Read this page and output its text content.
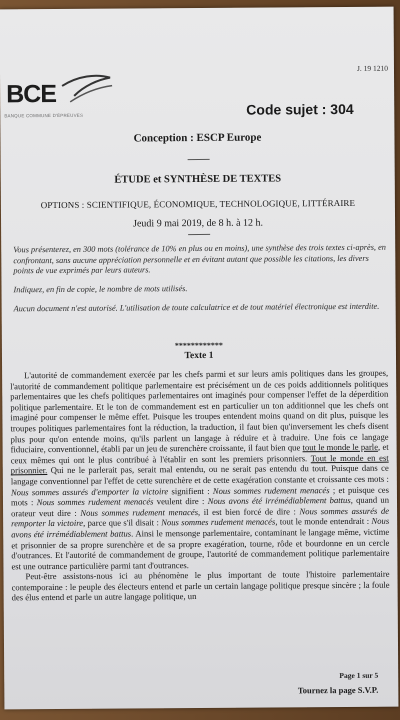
BCE
BANQUE COMMUNE D'ÉPREUVES
J. 19 1210
Code sujet : 304
Conception : ESCP Europe
ÉTUDE et SYNTHÈSE DE TEXTES
OPTIONS : SCIENTIFIQUE, ÉCONOMIQUE, TECHNOLOGIQUE, LITTÉRAIRE
Jeudi 9 mai 2019, de 8 h. à 12 h.
Vous présenterez, en 300 mots (tolérance de 10% en plus ou en moins), une synthèse des trois textes ci-après, en confrontant, sans aucune appréciation personnelle et en évitant autant que possible les citations, les divers points de vue exprimés par leurs auteurs.
Indiquez, en fin de copie, le nombre de mots utilisés.
Aucun document n'est autorisé. L'utilisation de toute calculatrice et de tout matériel électronique est interdite.
************
Texte 1

L'autorité de commandement exercée par les chefs parmi et sur leurs amis politiques dans les groupes, l'autorité de commandement politique parlementaire est précisément un de ces poids additionnels politiques parlementaires que les chefs politiques parlementaires ont imaginés pour compenser l'effet de la déperdition politique parlementaire. Et le ton de commandement est en particulier un ton additionnel que les chefs ont imaginé pour compenser le même effet. Puisque les troupes entendent moins quand on dit plus, puisque les troupes politiques parlementaires font la réduction, la traduction, il faut bien qu'inversement les chefs disent plus pour qu'on entende moins, qu'ils parlent un langage à réduire et à traduire. Une fois ce langage fiduciaire, conventionnel, établi par un jeu de surenchère croissante, il faut bien que tout le monde le parle, et ceux mêmes qui ont le plus contribué à l'établir en sont les premiers prisonniers. Tout le monde en est prisonnier. Qui ne le parlerait pas, serait mal entendu, ou ne serait pas entendu du tout. Puisque dans ce langage conventionnel par l'effet de cette surenchère et de cette exagération constante et croissante ces mots : Nous sommes assurés d'emporter la victoire signifient : Nous sommes rudement menacés ; et puisque ces mots : Nous sommes rudement menacés veulent dire : Nous avons été irrémédiablement battus, quand un orateur veut dire : Nous sommes rudement menacés, il est bien forcé de dire : Nous sommes assurés de remporter la victoire, parce que s'il disait : Nous sommes rudement menacés, tout le monde entendrait : Nous avons été irrémédiablement battus. Ainsi le mensonge parlementaire, contaminant le langage même, victime et prisonnier de sa propre surenchère et de sa propre exagération, tourne, rôde et bourdonne en un cercle d'outrances. Et l'autorité de commandement de groupe, l'autorité de commandement politique parlementaire est une outrance particulière parmi tant d'outrances.

Peut-être assistons-nous ici au phénomène le plus important de toute l'histoire parlementaire contemporaine : le peuple des électeurs entend et parle un certain langage politique presque sincère ; la foule des élus entend et parle un autre langage politique, un

Page 1 sur 5
Tournez la page S.V.P.
